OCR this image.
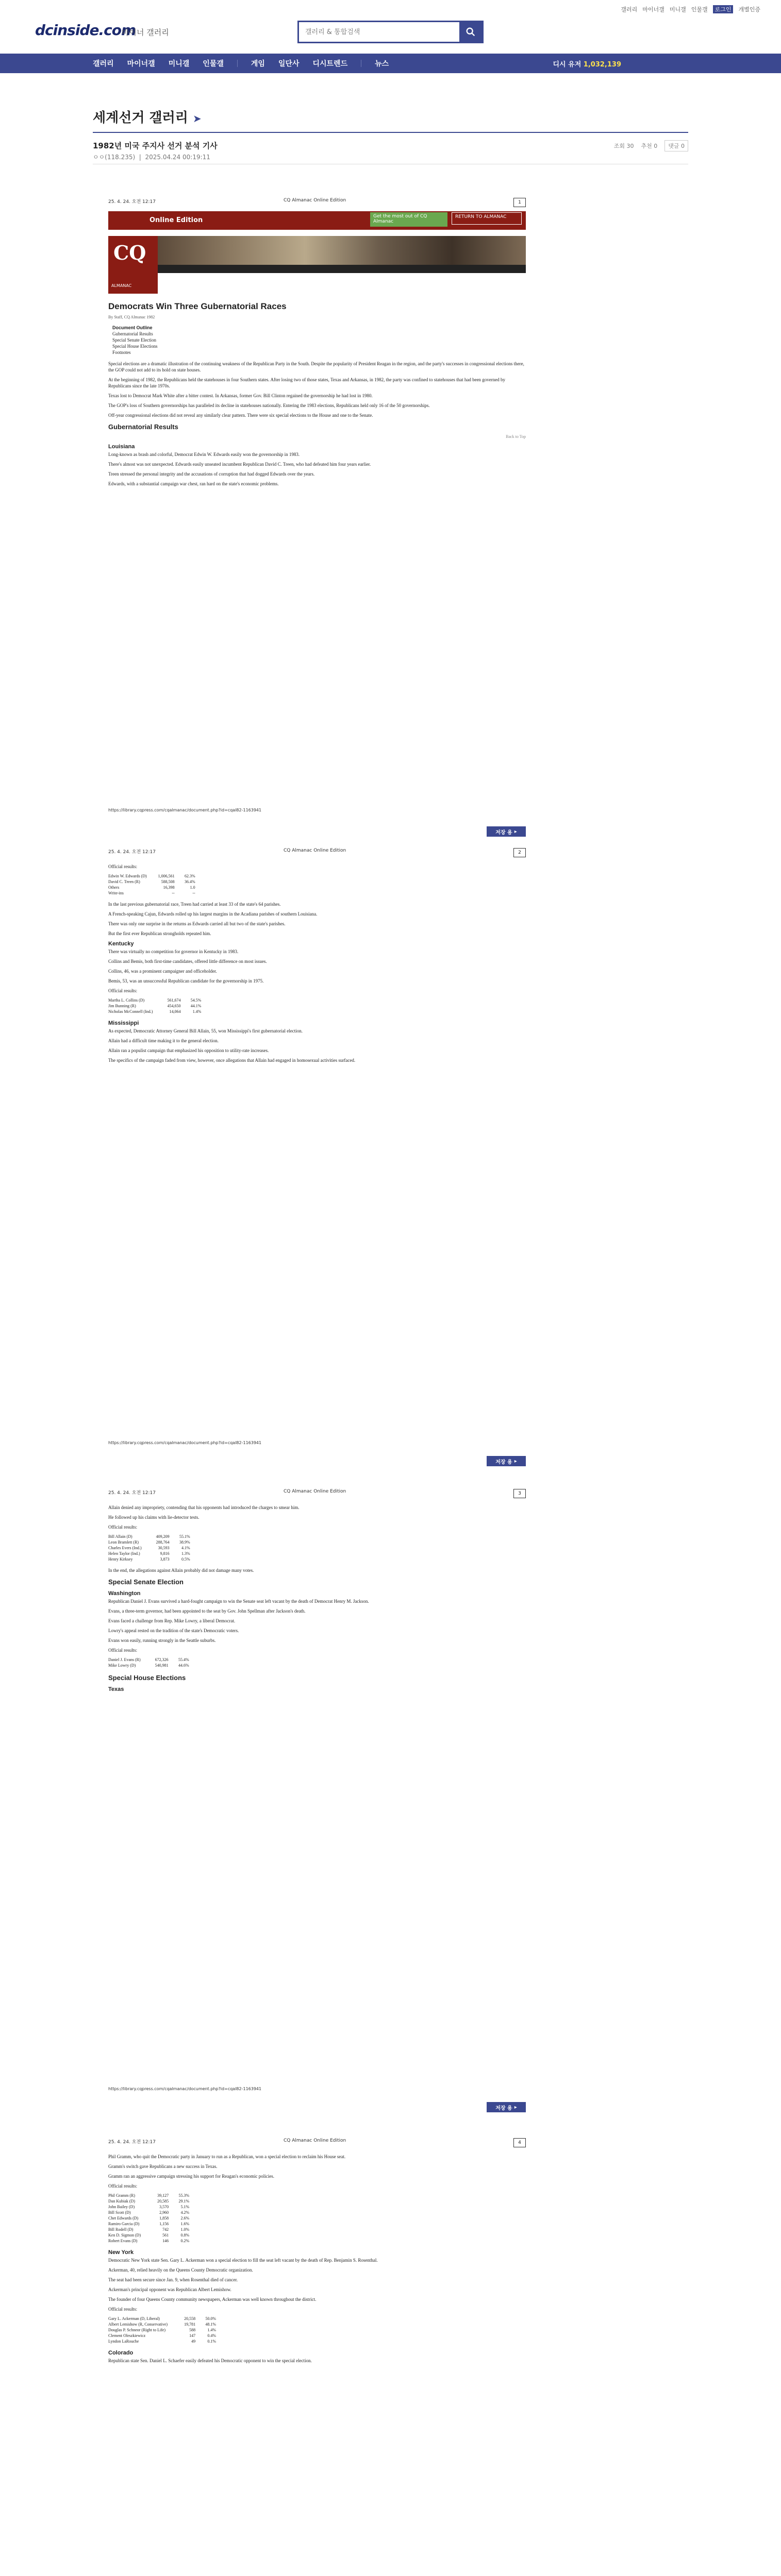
갤러리 마이너갤 미니갤 인물갤	로그인	개별인증
dcinside.com
마이너 갤러리
갤러리 & 통합검색
갤러리 마이너갤 미니갤 인물갤	게임 일단사 디시트렌드	뉴스	디시 유저 1,032,139
세계선거 갤러리 ➤
1982년 미국 주지사 선거 분석 기사
ㅇㅇ(118.235)  |  2025.04.24 00:19:11
조회 30 추천 0	댓글 0
25. 4. 24. 오전 12:17	CQ Almanac Online Edition	1
Online Edition	Get the most out of CQ Almanac
RETURN TO ALMANAC
CQ
ALMANAC
Democrats Win Three Gubernatorial Races
By Staff, CQ Almanac 1982
Document Outline
Gubernatorial Results
Special Senate Election
Special House Elections
Footnotes

Special elections are a dramatic illustration of the continuing weakness of the Republican Party in the South. Despite the popularity of President Reagan in the region, and the party's successes in congressional elections there, the GOP could not add to its hold on state houses.

At the beginning of 1982, the Republicans held the statehouses in four Southern states. After losing two of those states, Texas and Arkansas, in 1982, the party was confined to statehouses that had been governed by Republicans since the late 1970s.

Texas lost to Democrat Mark White after a bitter contest. In Arkansas, former Gov. Bill Clinton regained the governorship he had lost in 1980.

The GOP's loss of Southern governorships has paralleled its decline in statehouses nationally. Entering the 1983 elections, Republicans held only 16 of the 50 governorships.

Off-year congressional elections did not reveal any similarly clear pattern. There were six special elections to the House and one to the Senate.

Gubernatorial Results
Back to Top
Louisiana

Long-known as brash and colorful, Democrat Edwin W. Edwards easily won the governorship in 1983.

There's almost was not unexpected. Edwards easily unseated incumbent Republican David C. Treen, who had defeated him four years earlier.

Treen stressed the personal integrity and the accusations of corruption that had dogged Edwards over the years.

Edwards, with a substantial campaign war chest, ran hard on the state's economic problems.

https://library.cqpress.com/cqalmanac/document.php?id=cqal82-1163941
저장 용 ▸
25. 4. 24. 오전 12:17	CQ Almanac Online Edition	2

Official results:

Edwin W. Edwards (D)	1,006,561	62.3%
David C. Treen (R)	588,508	36.4%
Others	16,398	1.0
Write-ins	--	--

In the last previous gubernatorial race, Treen had carried at least 33 of the state's 64 parishes.

A French-speaking Cajun, Edwards rolled up his largest margins in the Acadiana parishes of southern Louisiana.

There was only one surprise in the returns as Edwards carried all but two of the state's parishes.

But the first ever Republican strongholds repeated him.

Kentucky

There was virtually no competition for governor in Kentucky in 1983.

Collins and Bemis, both first-time candidates, offered little difference on most issues.

Collins, 46, was a prominent campaigner and officeholder.

Bemis, 53, was an unsuccessful Republican candidate for the governorship in 1975.

Official results:

Martha L. Collins (D)	561,674	54.5%
Jim Bunning (R)	454,650	44.1%
Nicholas McConnell (Ind.)	14,064	1.4%
Mississippi

As expected, Democratic Attorney General Bill Allain, 55, won Mississippi's first gubernatorial election.

Allain had a difficult time making it to the general election.

Allain ran a populist campaign that emphasized his opposition to utility-rate increases.

The specifics of the campaign faded from view, however, once allegations that Allain had engaged in homosexual activities surfaced.

https://library.cqpress.com/cqalmanac/document.php?id=cqal82-1163941
저장 용 ▸
25. 4. 24. 오전 12:17	CQ Almanac Online Edition	3

Allain denied any impropriety, contending that his opponents had introduced the charges to smear him.

He followed up his claims with lie-detector tests.

Official results:

Bill Allain (D)	409,209	55.1%
Leon Bramlett (R)	288,764	38.9%
Charles Evers (Ind.)	30,593	4.1%
Helen Taylor (Ind.)	9,816	1.3%
Henry Kirksey	3,873	0.5%

In the end, the allegations against Allain probably did not damage many votes.

Special Senate Election
Washington

Republican Daniel J. Evans survived a hard-fought campaign to win the Senate seat left vacant by the death of Democrat Henry M. Jackson.

Evans, a three-term governor, had been appointed to the seat by Gov. John Spellman after Jackson's death.

Evans faced a challenge from Rep. Mike Lowry, a liberal Democrat.

Lowry's appeal rested on the tradition of the state's Democratic voters.

Evans won easily, running strongly in the Seattle suburbs.

Official results:

Daniel J. Evans (R)	672,326	55.4%
Mike Lowry (D)	540,981	44.6%
Special House Elections
Texas
https://library.cqpress.com/cqalmanac/document.php?id=cqal82-1163941
저장 용 ▸
25. 4. 24. 오전 12:17	CQ Almanac Online Edition	4

Phil Gramm, who quit the Democratic party in January to run as a Republican, won a special election to reclaim his House seat.

Gramm's switch gave Republicans a new success in Texas.

Gramm ran an aggressive campaign stressing his support for Reagan's economic policies.

Official results:

Phil Gramm (R)	39,127	55.3%
Dan Kubiak (D)	20,585	29.1%
John Bailey (D)	3,570	5.1%
Bill Scott (D)	2,960	4.2%
Chet Edwards (D)	1,858	2.6%
Ramiro Garcia (D)	1,156	1.6%
Bill Rodell (D)	742	1.0%
Ken D. Sigmon (D)	561	0.8%
Robert Evans (D)	146	0.2%
New York

Democratic New York state Sen. Gary L. Ackerman won a special election to fill the seat left vacant by the death of Rep. Benjamin S. Rosenthal.

Ackerman, 40, relied heavily on the Queens County Democratic organization.

The seat had been secure since Jan. 9, when Rosenthal died of cancer.

Ackerman's principal opponent was Republican Albert Lemishow.

The founder of four Queens County community newspapers, Ackerman was well known throughout the district.

Official results:

Gary L. Ackerman (D, Liberal)	20,558	50.0%
Albert Lemishow (R, Conservative)	19,781	48.1%
Douglas P. Schneor (Right to Life)	588	1.4%
Clement Oleszkiewicz	147	0.4%
Lyndon LaRouche	49	0.1%
Colorado

Republican state Sen. Daniel L. Schaefer easily defeated his Democratic opponent to win the special election.
